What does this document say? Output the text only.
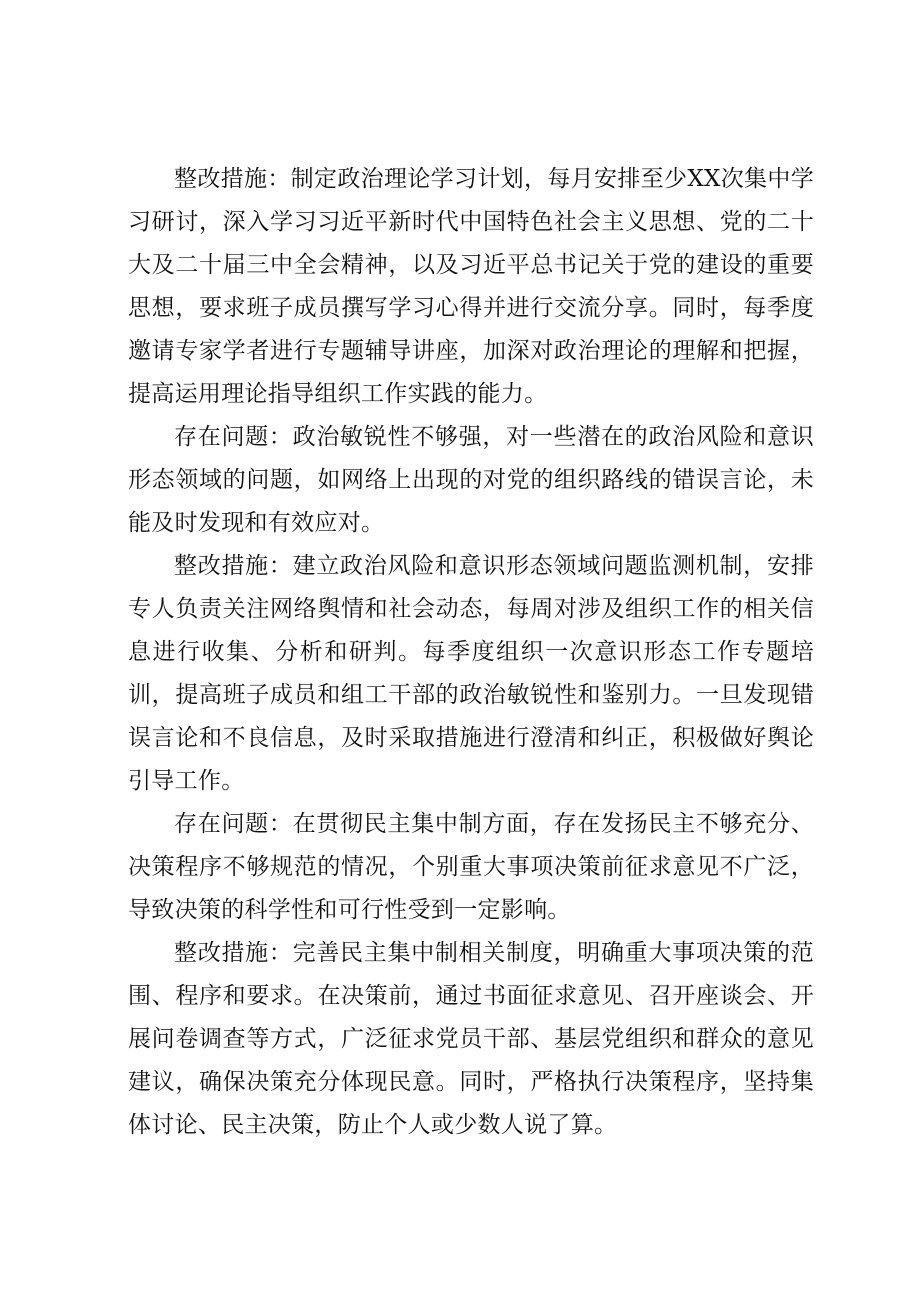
整改措施：制定政治理论学习计划，每月安排至少XX次集中学习研讨，深入学习习近平新时代中国特色社会主义思想、党的二十大及二十届三中全会精神，以及习近平总书记关于党的建设的重要思想，要求班子成员撰写学习心得并进行交流分享。同时，每季度邀请专家学者进行专题辅导讲座，加深对政治理论的理解和把握，提高运用理论指导组织工作实践的能力。

存在问题：政治敏锐性不够强，对一些潜在的政治风险和意识形态领域的问题，如网络上出现的对党的组织路线的错误言论，未能及时发现和有效应对。

整改措施：建立政治风险和意识形态领域问题监测机制，安排专人负责关注网络舆情和社会动态，每周对涉及组织工作的相关信息进行收集、分析和研判。每季度组织一次意识形态工作专题培训，提高班子成员和组工干部的政治敏锐性和鉴别力。一旦发现错误言论和不良信息，及时采取措施进行澄清和纠正，积极做好舆论引导工作。

存在问题：在贯彻民主集中制方面，存在发扬民主不够充分、决策程序不够规范的情况，个别重大事项决策前征求意见不广泛，导致决策的科学性和可行性受到一定影响。

整改措施：完善民主集中制相关制度，明确重大事项决策的范围、程序和要求。在决策前，通过书面征求意见、召开座谈会、开展问卷调查等方式，广泛征求党员干部、基层党组织和群众的意见建议，确保决策充分体现民意。同时，严格执行决策程序，坚持集体讨论、民主决策，防止个人或少数人说了算。
